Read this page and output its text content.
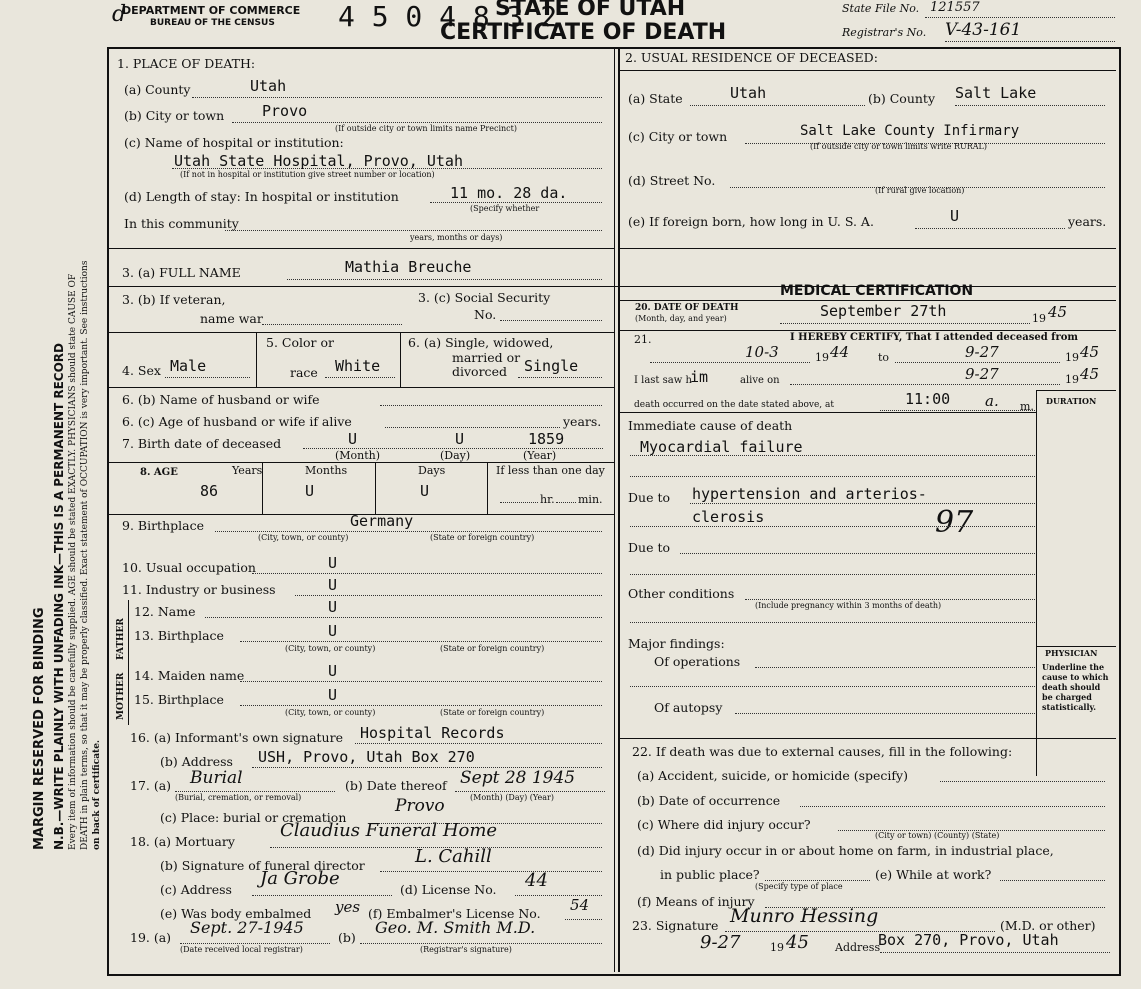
MARGIN RESERVED FOR BINDING N.B.—WRITE PLAINLY WITH UNFADING INK—THIS IS A PERMANENT RECORD Every item of information should be carefully supplied. AGE should be stated EXACTLY. PHYSICIANS should state CAUSE OF DEATH in plain terms, so that it may be properly classified. Exact statement of OCCUPATION is very important. See instructions on back of certificate.
d
DEPARTMENT OF COMMERCE
BUREAU OF THE CENSUS 4 5 0 4 8 3 2
STATE OF UTAH
CERTIFICATE OF DEATH
State File No. 121557
Registrar's No. V-43-161
1. PLACE OF DEATH:
(a) County	Utah
(b) City or town	Provo
(If outside city or town limits name Precinct)
(c) Name of hospital or institution:
Utah State Hospital, Provo, Utah
(If not in hospital or institution give street number or location)
(d) Length of stay: In hospital or institution	11 mo. 28 da.
(Specify whether
In this community
years, months or days)
2. USUAL RESIDENCE OF DECEASED:
(a) State	Utah	(b) County Salt Lake
(c) City or town	Salt Lake County Infirmary
(If outside city or town limits write RURAL)
(d) Street No.
(If rural give location)
(e) If foreign born, how long in U. S. A.	U	years.
3. (a) FULL NAME	Mathia Breuche
3. (b) If veteran,
name war
3. (c) Social Security
No.
MEDICAL CERTIFICATION
20. DATE OF DEATH
(Month, day, and year)	September 27th	19 45
4. Sex Male
5. Color or
race White
6. (a) Single, widowed,
married or
divorced Single
21.	I HEREBY CERTIFY, That I attended deceased from
10-3	19 44	to	9-27	19 45
I last saw h
im	alive on	9-27	19 45
death occurred on the date stated above, at	11:00 a. m. DURATION
6. (b) Name of husband or wife
6. (c) Age of husband or wife if alive	years.
7. Birth date of deceased	U	U	1859
(Month)	(Day)	(Year)
8. AGE	Years	Months	Days	If less than one day
86	U	U	hr. min.
Immediate cause of death
Myocardial failure
Due to hypertension and arterios-
clerosis	97
Due to
Other conditions
(Include pregnancy within 3 months of death)
Major findings:
Of operations
Of autopsy
PHYSICIAN
Underline the cause to which death should be charged statistically.
9. Birthplace	Germany
(City, town, or county)	(State or foreign country)
10. Usual occupation	U
11. Industry or business	U
FATHER
MOTHER
12. Name	U
13. Birthplace	U
(City, town, or county)	(State or foreign country)
14. Maiden name	U
15. Birthplace	U
(City, town, or county)	(State or foreign country)
16. (a) Informant's own signature Hospital Records
(b) Address USH, Provo, Utah Box 270
17. (a) Burial	(b) Date thereof Sept 28 1945
(Burial, cremation, or removal)	(Month) (Day) (Year)
(c) Place: burial or cremation
Provo
18. (a) Mortuary
Claudius Funeral Home
(b) Signature of funeral director	L. Cahill
(c) Address
Ja Grobe
(d) License No. 44
(e) Was body embalmed yes (f) Embalmer's License No. 54
19. (a)
Sept. 27-1945
(b)
Geo. M. Smith M.D.
(Date received local registrar)	(Registrar's signature)
22. If death was due to external causes, fill in the following:
(a) Accident, suicide, or homicide (specify)
(b) Date of occurrence
(c) Where did injury occur?
(City or town) (County) (State)
(d) Did injury occur in or about home on farm, in industrial place,
in public place?	(e) While at work?
(Specify type of place
(f) Means of injury
23. Signature Munro Hessing	(M.D. or other)
9-27	19 45 Address
Box 270, Provo, Utah
